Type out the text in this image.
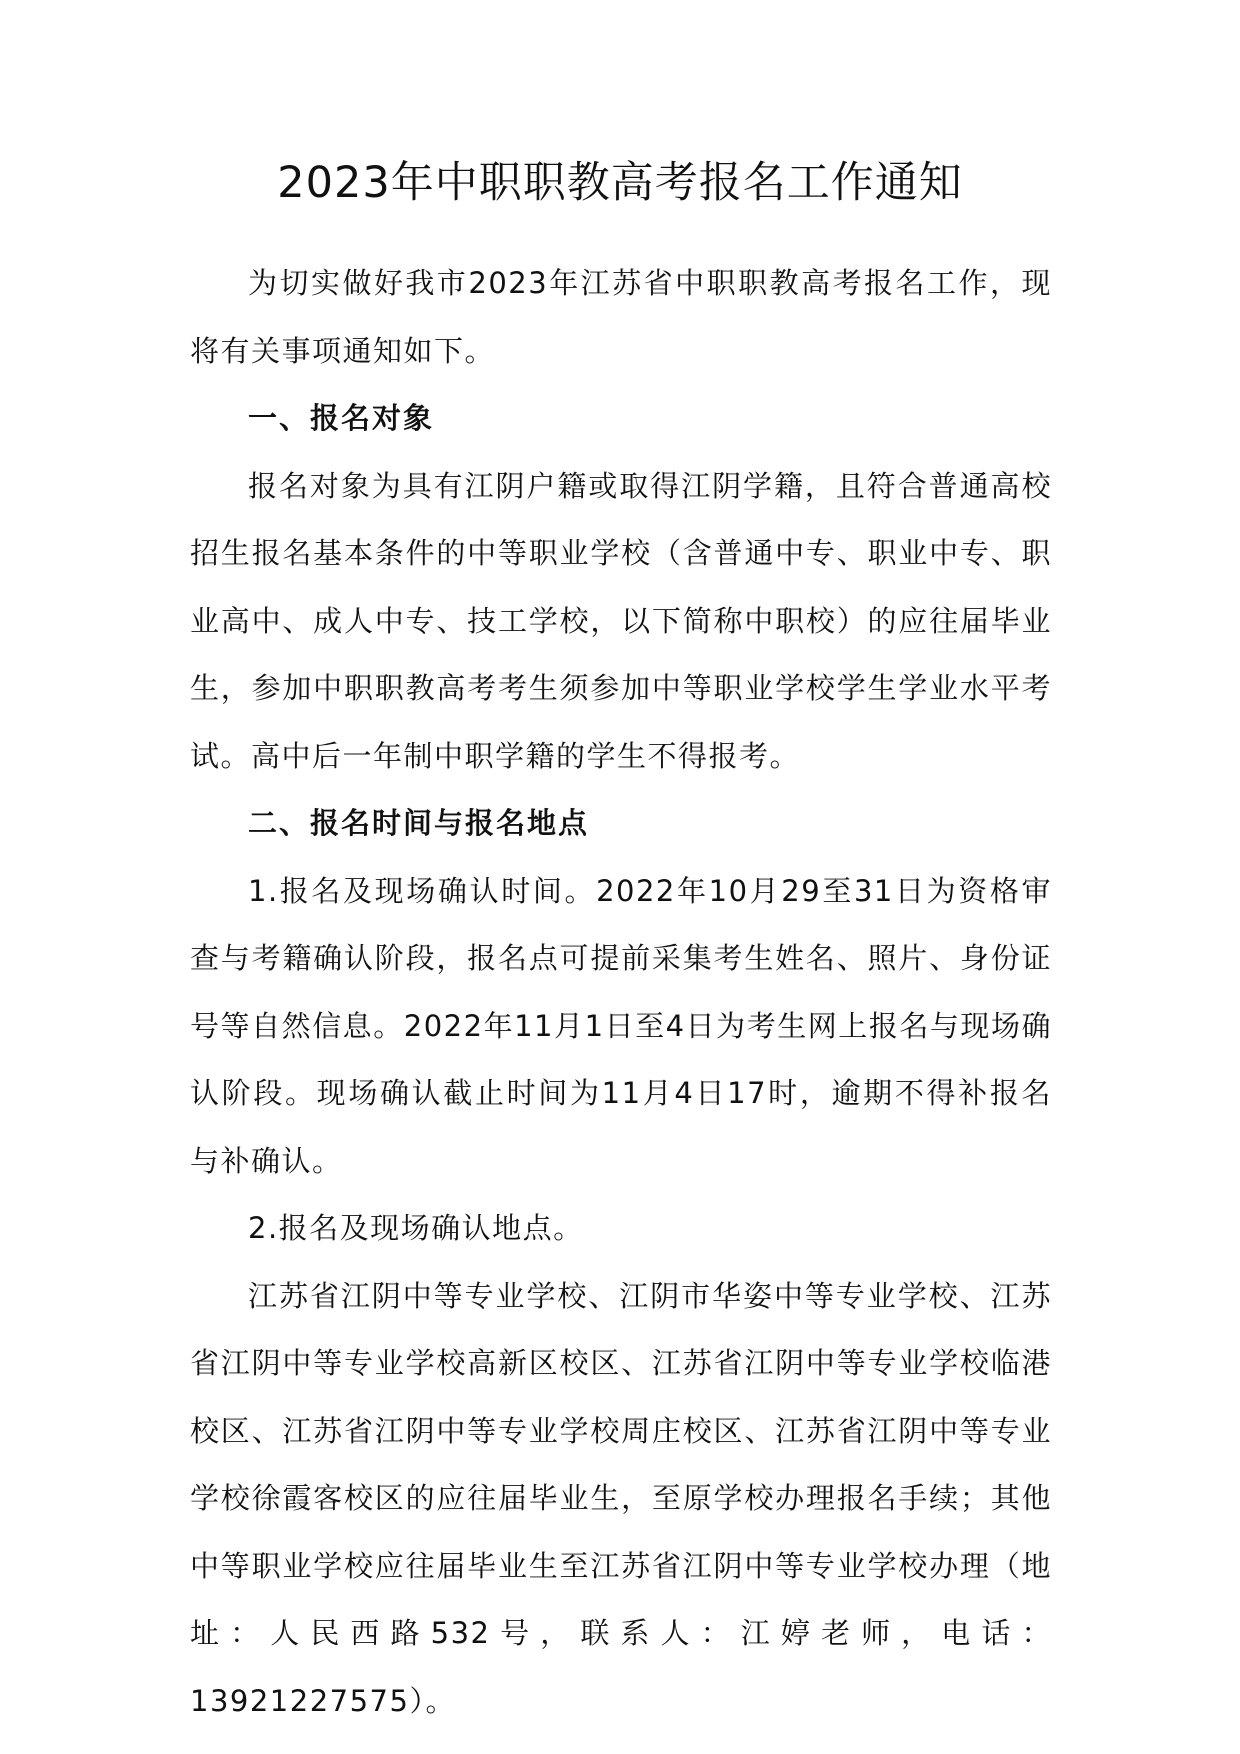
2023年中职职教高考报名工作通知

为切实做好我市2023年江苏省中职职教高考报名工作，现将有关事项通知如下。

一、报名对象

报名对象为具有江阴户籍或取得江阴学籍，且符合普通高校招生报名基本条件的中等职业学校（含普通中专、职业中专、职业高中、成人中专、技工学校，以下简称中职校）的应往届毕业生，参加中职职教高考考生须参加中等职业学校学生学业水平考试。高中后一年制中职学籍的学生不得报考。

二、报名时间与报名地点

1.报名及现场确认时间。2022年10月29至31日为资格审查与考籍确认阶段，报名点可提前采集考生姓名、照片、身份证号等自然信息。2022年11月1日至4日为考生网上报名与现场确认阶段。现场确认截止时间为11月4日17时，逾期不得补报名与补确认。

2.报名及现场确认地点。

江苏省江阴中等专业学校、江阴市华姿中等专业学校、江苏省江阴中等专业学校高新区校区、江苏省江阴中等专业学校临港校区、江苏省江阴中等专业学校周庄校区、江苏省江阴中等专业学校徐霞客校区的应往届毕业生，至原学校办理报名手续；其他中等职业学校应往届毕业生至江苏省江阴中等专业学校办理（地址：人民西路532号，联系人：江婷老师，电话：13921227575）。
